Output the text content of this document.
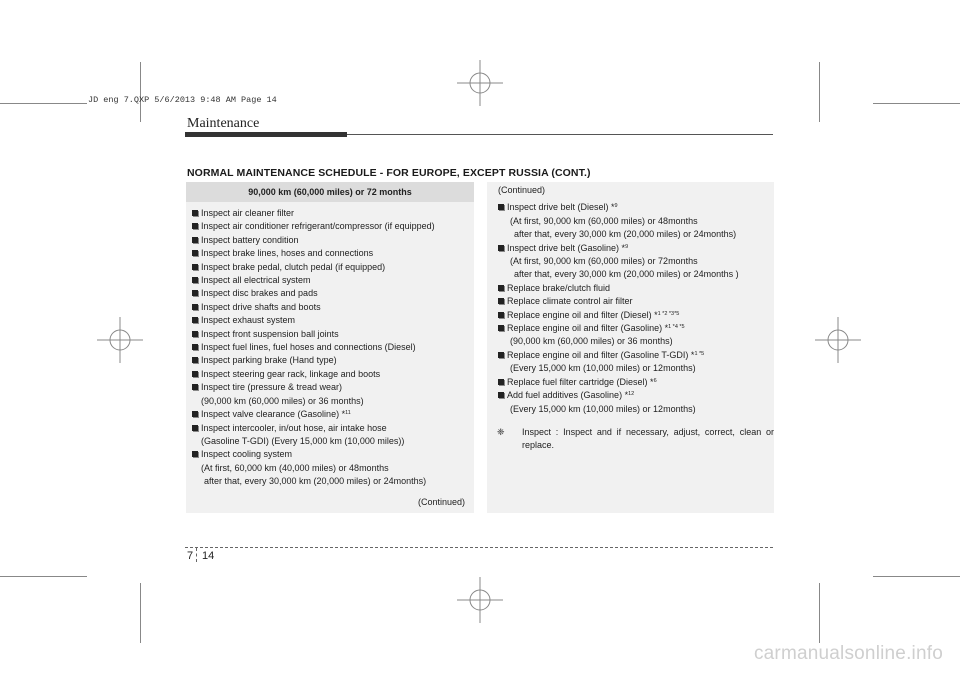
JD eng 7.QXP 5/6/2013 9:48 AM Page 14
Maintenance
NORMAL MAINTENANCE SCHEDULE - FOR EUROPE, EXCEPT RUSSIA (CONT.)
90,000 km (60,000 miles) or 72 months
Inspect air cleaner filter
Inspect air conditioner refrigerant/compressor (if equipped)
Inspect battery condition
Inspect brake lines, hoses and connections
Inspect brake pedal, clutch pedal (if equipped)
Inspect all electrical system
Inspect disc brakes and pads
Inspect drive shafts and boots
Inspect exhaust system
Inspect front suspension ball joints
Inspect fuel lines, fuel hoses and connections (Diesel)
Inspect parking brake (Hand type)
Inspect steering gear rack, linkage and boots
Inspect tire (pressure & tread wear)
(90,000 km (60,000 miles) or 36 months)
Inspect valve clearance (Gasoline) *$^{11}$
Inspect intercooler, in/out hose, air intake hose
(Gasoline T-GDI) (Every 15,000 km (10,000 miles))
Inspect cooling system
(At first, 60,000 km (40,000 miles) or 48months
after that, every 30,000 km (20,000 miles) or 24months)
(Continued)
(Continued)
Inspect drive belt (Diesel) *$^9$
(At first, 90,000 km (60,000 miles) or 48months
after that, every 30,000 km (20,000 miles) or 24months)
Inspect drive belt (Gasoline) *$^9$
(At first, 90,000 km (60,000 miles) or 72months
after that, every 30,000 km (20,000 miles) or 24months )
Replace brake/clutch fluid
Replace climate control air filter
Replace engine oil and filter (Diesel) *$^{1 *2 *3*5}$
Replace engine oil and filter (Gasoline) *$^{1 *4 *5}$
(90,000 km (60,000 miles) or 36 months)
Replace engine oil and filter (Gasoline T-GDI) *$^{1 *5}$
(Every 15,000 km (10,000 miles) or 12months)
Replace fuel filter cartridge (Diesel) *$^6$
Add fuel additives (Gasoline) *$^{12}$
(Every 15,000 km (10,000 miles) or 12months)
❈ Inspect : Inspect and if necessary, adjust, correct, clean or replace.
7 14
carmanualsonline.info
